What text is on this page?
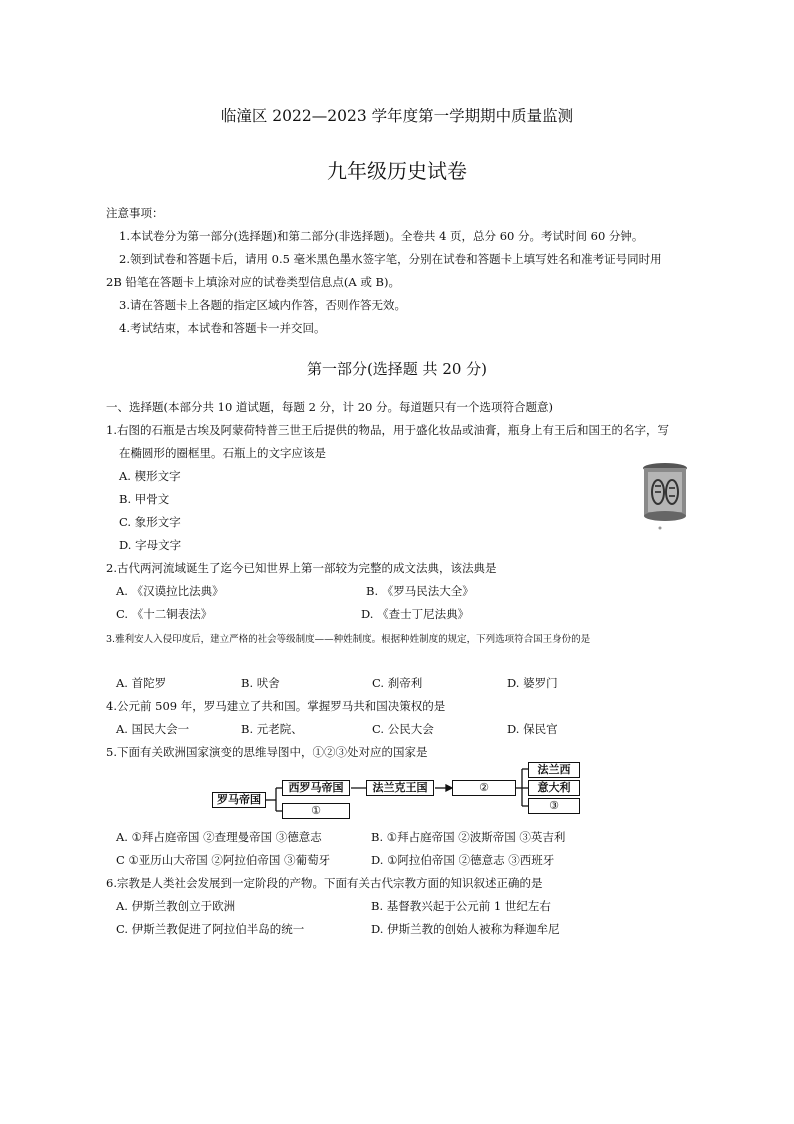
临潼区 2022—2023 学年度第一学期期中质量监测
九年级历史试卷
注意事项：
1.本试卷分为第一部分(选择题)和第二部分(非选择题)。全卷共 4 页，总分 60 分。考试时间 60 分钟。
2.领到试卷和答题卡后，请用 0.5 毫米黑色墨水签字笔，分别在试卷和答题卡上填写姓名和准考证号同时用
2B 铅笔在答题卡上填涂对应的试卷类型信息点(A 或 B)。
3.请在答题卡上各题的指定区域内作答，否则作答无效。
4.考试结束，本试卷和答题卡一并交回。
第一部分(选择题 共 20 分)
一、选择题(本部分共 10 道试题，每题 2 分，计 20 分。每道题只有一个选项符合题意)
1.右图的石瓶是古埃及阿蒙荷特普三世王后提供的物品，用于盛化妆品或油膏，瓶身上有王后和国王的名字，写
在椭圆形的圈框里。石瓶上的文字应该是
A. 楔形文字
B. 甲骨文
C. 象形文字
D. 字母文字
2.古代两河流域诞生了迄今已知世界上第一部较为完整的成文法典，该法典是
A. 《汉谟拉比法典》	B. 《罗马民法大全》
C. 《十二铜表法》	D. 《查士丁尼法典》
3.雅利安人入侵印度后，建立严格的社会等级制度——种姓制度。根据种姓制度的规定，下列选项符合国王身份的是
A. 首陀罗	B. 吠舍	C. 刹帝利	D. 婆罗门
4.公元前 509 年，罗马建立了共和国。掌握罗马共和国决策权的是
A. 国民大会一	B. 元老院、	C. 公民大会	D. 保民官
5.下面有关欧洲国家演变的思维导图中，①②③处对应的国家是
罗马帝国
西罗马帝国
①
法兰克王国	②
法兰西
意大利
③
A. ①拜占庭帝国 ②查理曼帝国 ③德意志	B. ①拜占庭帝国 ②波斯帝国 ③英吉利
C ①亚历山大帝国 ②阿拉伯帝国 ③葡萄牙	D. ①阿拉伯帝国 ②德意志 ③西班牙
6.宗教是人类社会发展到一定阶段的产物。下面有关古代宗教方面的知识叙述正确的是
A. 伊斯兰教创立于欧洲	B. 基督教兴起于公元前 1 世纪左右
C. 伊斯兰教促进了阿拉伯半岛的统一	D. 伊斯兰教的创始人被称为释迦牟尼
